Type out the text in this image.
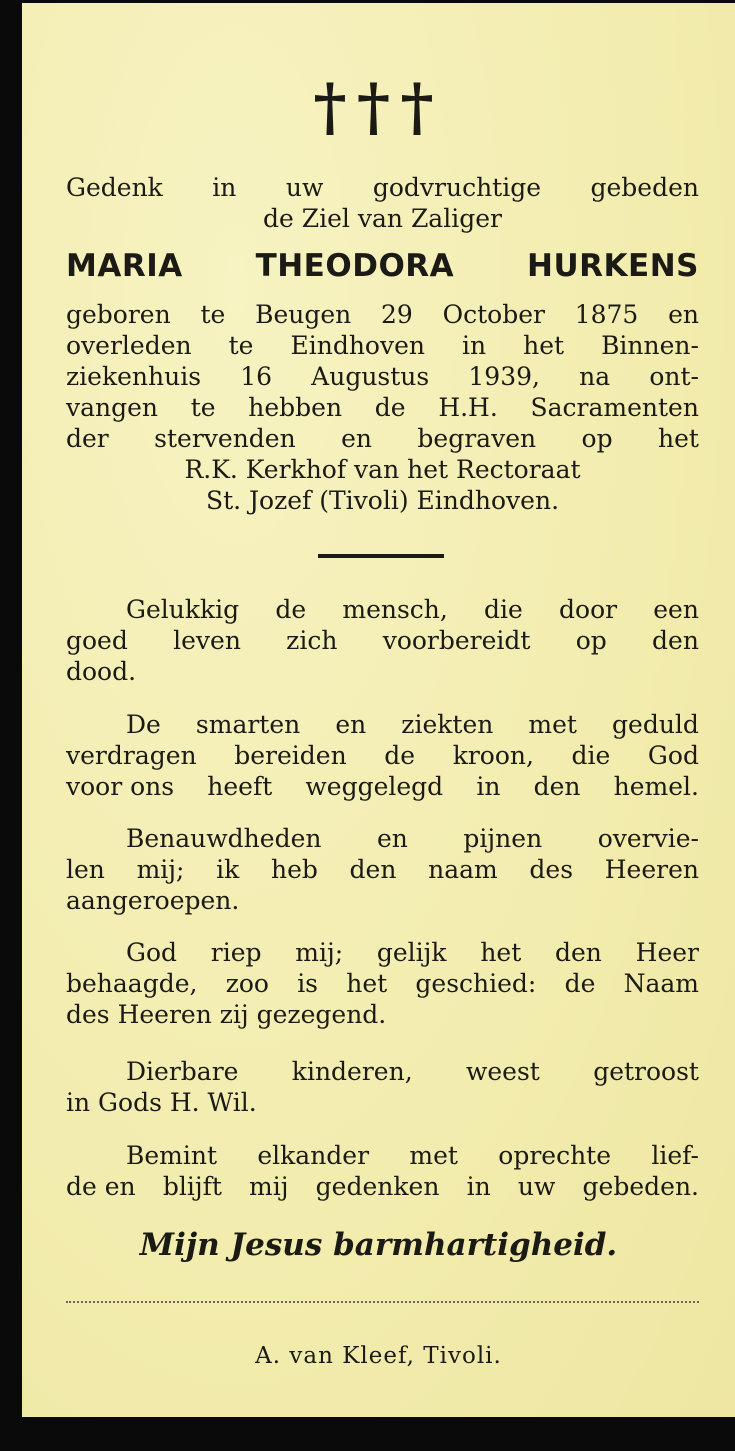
†††
Gedenk in uw godvruchtige gebeden
de Ziel van Zaliger
MARIA THEODORA HURKENS
geboren te Beugen 29 October 1875 en
overleden te Eindhoven in het Binnen-
ziekenhuis 16 Augustus 1939, na ont-
vangen te hebben de H.H. Sacramenten
der stervenden en begraven op het
R.K. Kerkhof van het Rectoraat
St. Jozef (Tivoli) Eindhoven.
Gelukkig de mensch, die door een
goed leven zich voorbereidt op den
dood.
De smarten en ziekten met geduld
verdragen bereiden de kroon, die God
voor ons heeft weggelegd in den hemel.
Benauwdheden en pijnen overvie-
len mij; ik heb den naam des Heeren
aangeroepen.
God riep mij; gelijk het den Heer
behaagde, zoo is het geschied: de Naam
des Heeren zij gezegend.
Dierbare kinderen, weest getroost
in Gods H. Wil.
Bemint elkander met oprechte lief-
de en blijft mij gedenken in uw gebeden.
Mijn Jesus barmhartigheid.
A. van Kleef, Tivoli.
